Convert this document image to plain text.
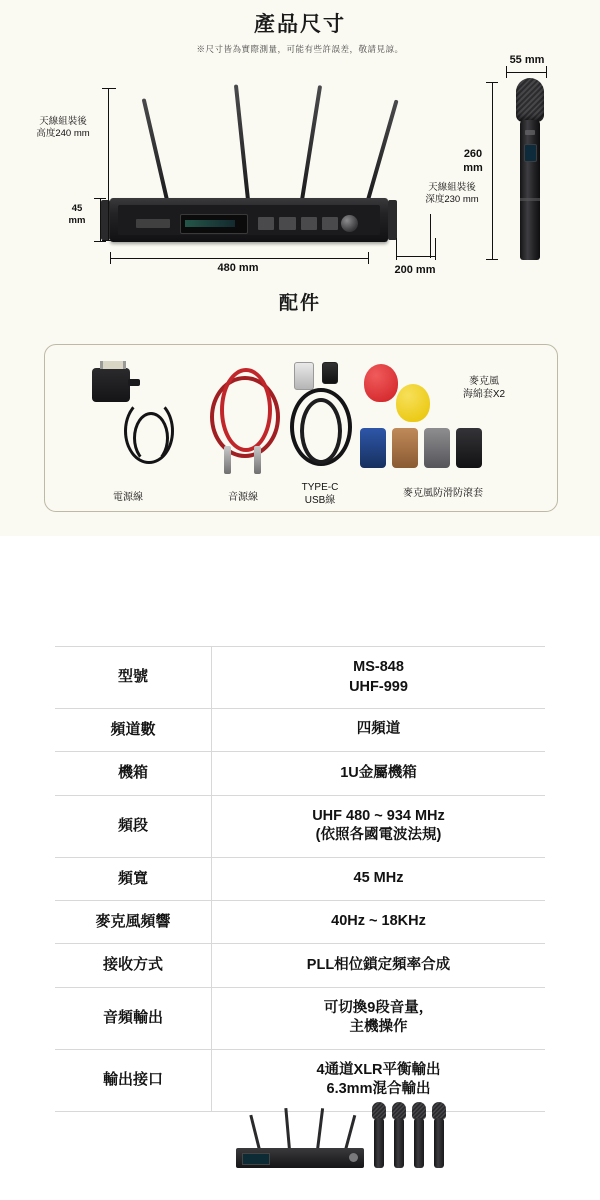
產品尺寸
※尺寸皆為實際測量，可能有些許誤差，敬請見諒。
天線組裝後
高度240 mm
45
mm
480 mm	200 mm
天線組裝後
深度230 mm
55 mm
260
mm
配件
電源線	音源線
TYPE-C
USB線
麥克風
海綿套X2
麥克風防滑防滾套
型號	MS-848
UHF-999

頻道數	四頻道

機箱	1U金屬機箱

頻段	UHF 480 ~ 934 MHz
(依照各國電波法規)

頻寬	45 MHz

麥克風頻響	40Hz ~ 18KHz

接收方式	PLL相位鎖定頻率合成

音頻輸出	可切換9段音量，
主機操作

輸出接口	4通道XLR平衡輸出
6.3mm混合輸出
